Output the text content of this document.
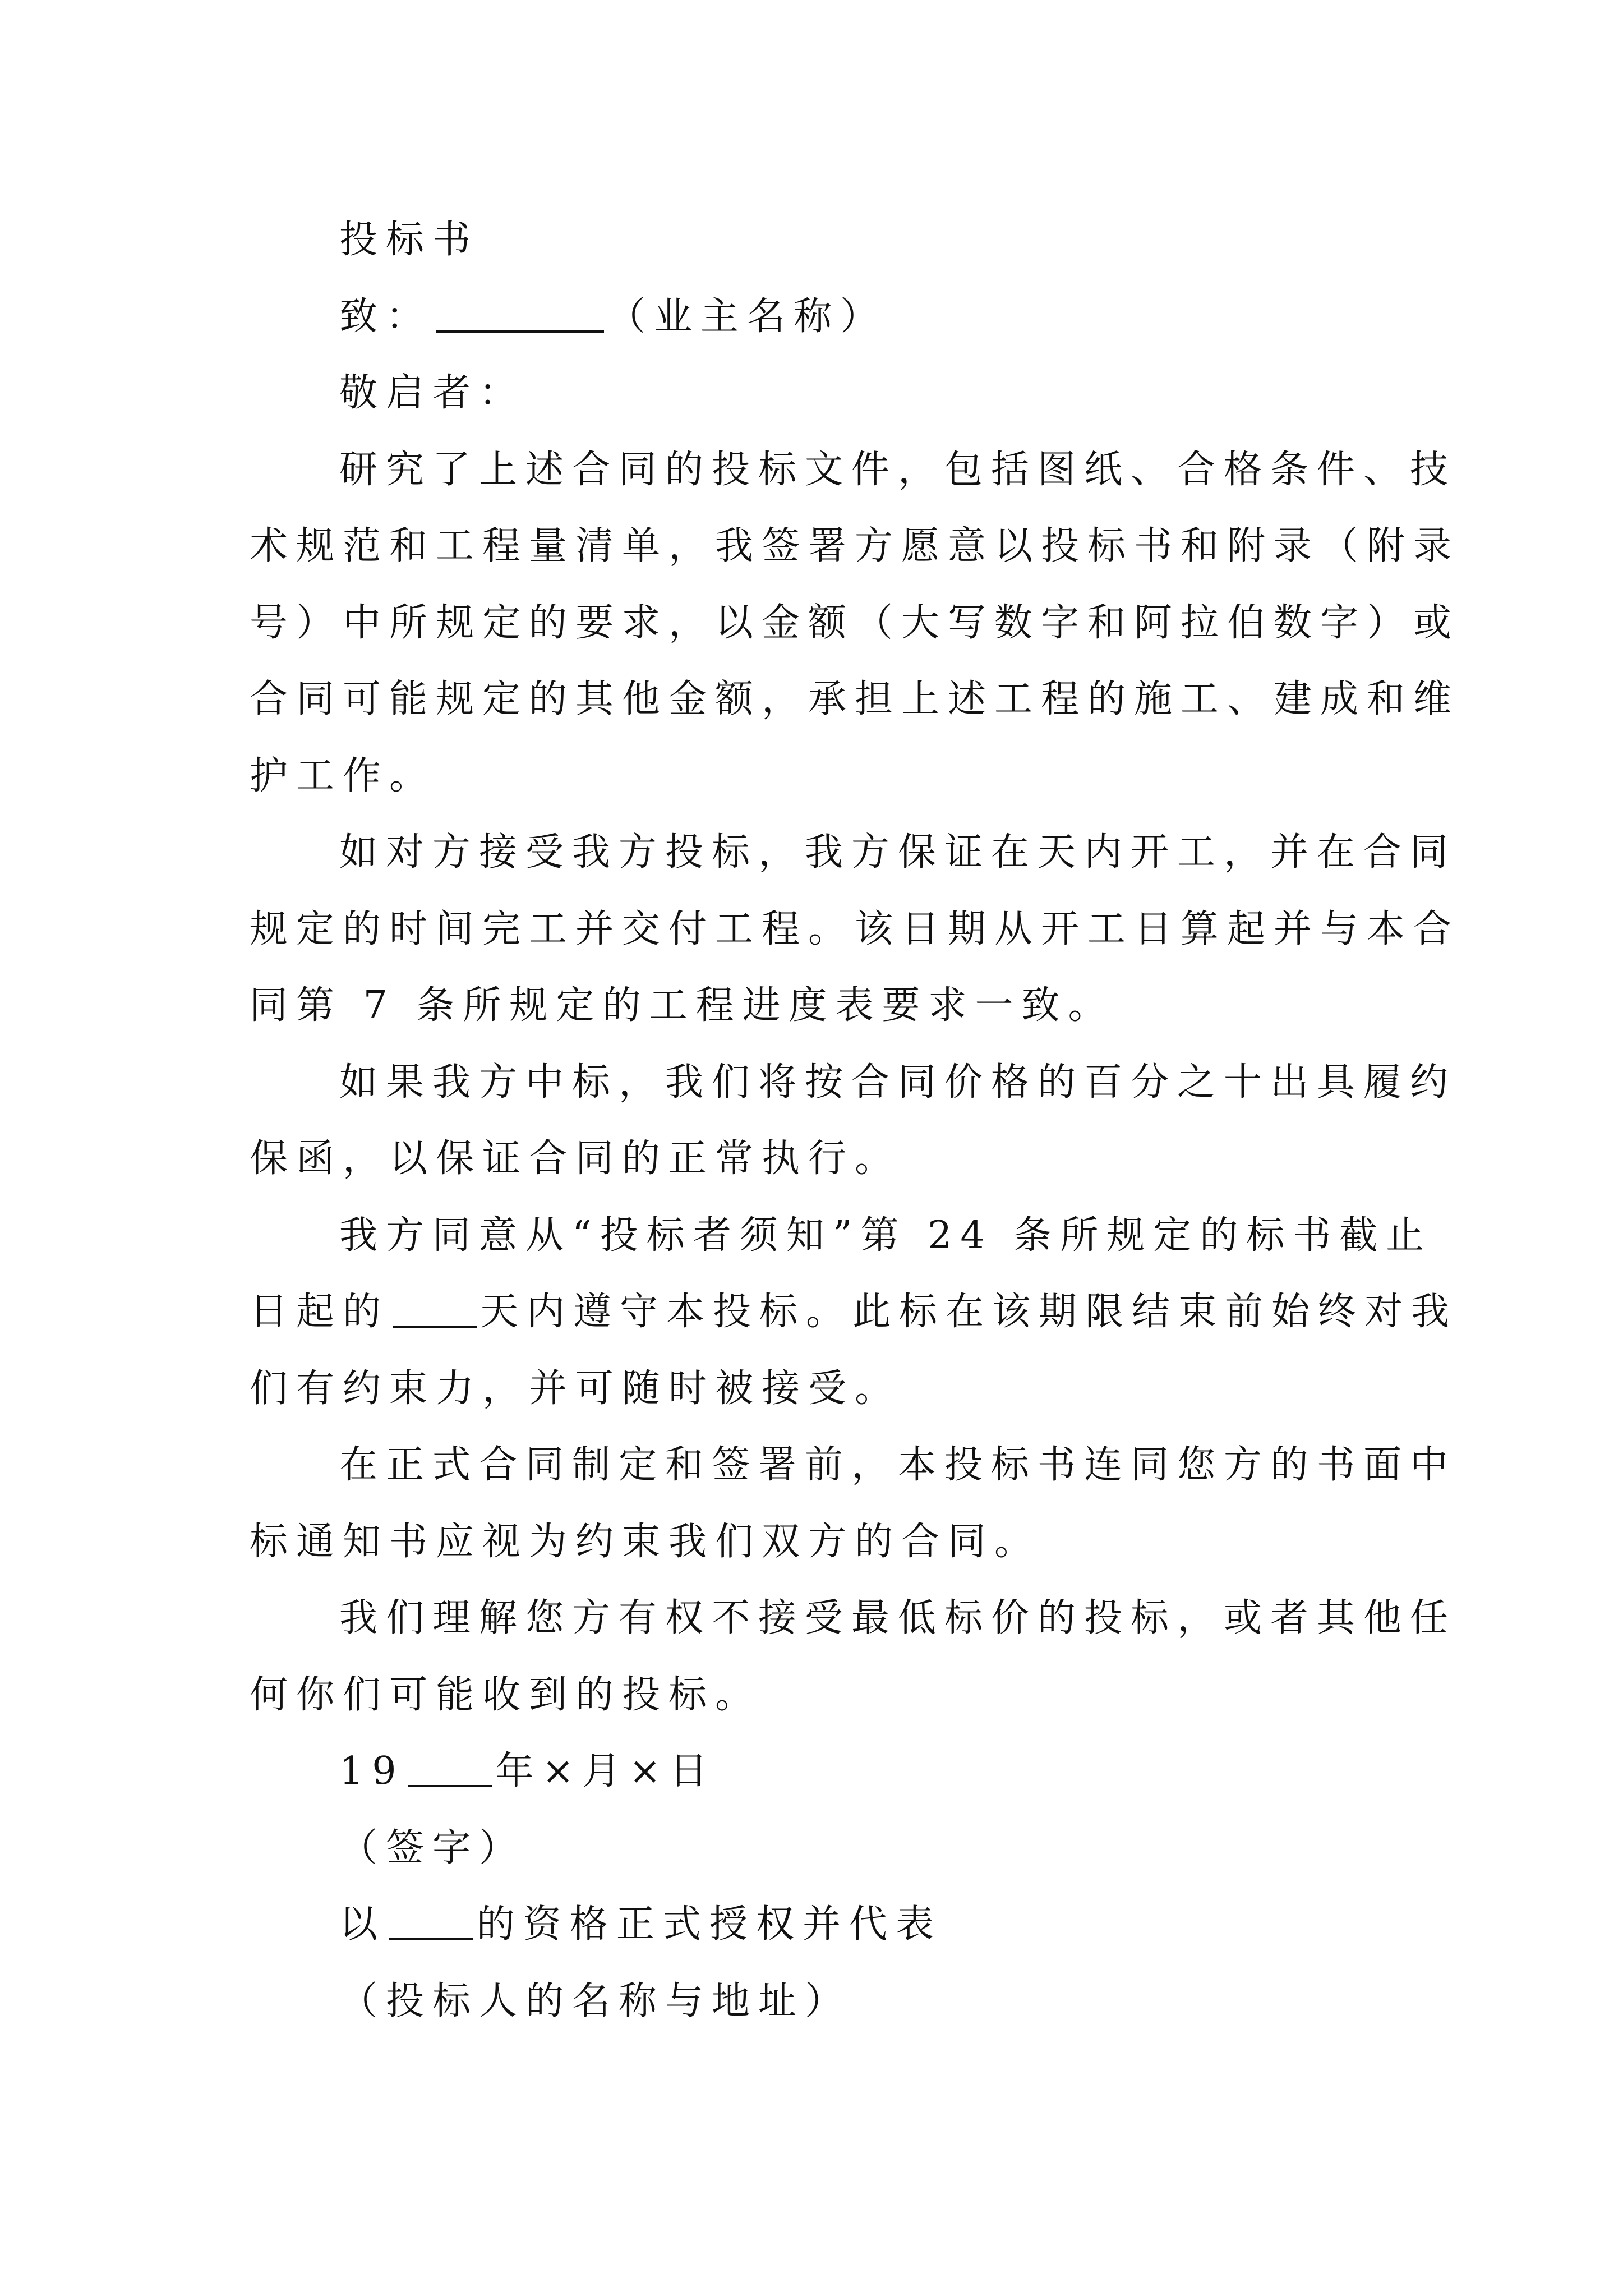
投标书
致：	（业主名称）
敬启者：
研究了上述合同的投标文件，包括图纸、合格条件、技
术规范和工程量清单，我签署方愿意以投标书和附录（附录
号）中所规定的要求，以金额（大写数字和阿拉伯数字）或
合同可能规定的其他金额，承担上述工程的施工、建成和维
护工作。
如对方接受我方投标，我方保证在天内开工，并在合同
规定的时间完工并交付工程。该日期从开工日算起并与本合
同第 7 条所规定的工程进度表要求一致。
如果我方中标，我们将按合同价格的百分之十出具履约
保函，以保证合同的正常执行。
我方同意从“投标者须知”第 24 条所规定的标书截止
日起的 天内遵守本投标。此标在该期限结束前始终对我
们有约束力，并可随时被接受。
在正式合同制定和签署前，本投标书连同您方的书面中
标通知书应视为约束我们双方的合同。
我们理解您方有权不接受最低标价的投标，或者其他任
何你们可能收到的投标。
19 年×月×日
（签字）
以 的资格正式授权并代表
（投标人的名称与地址）
